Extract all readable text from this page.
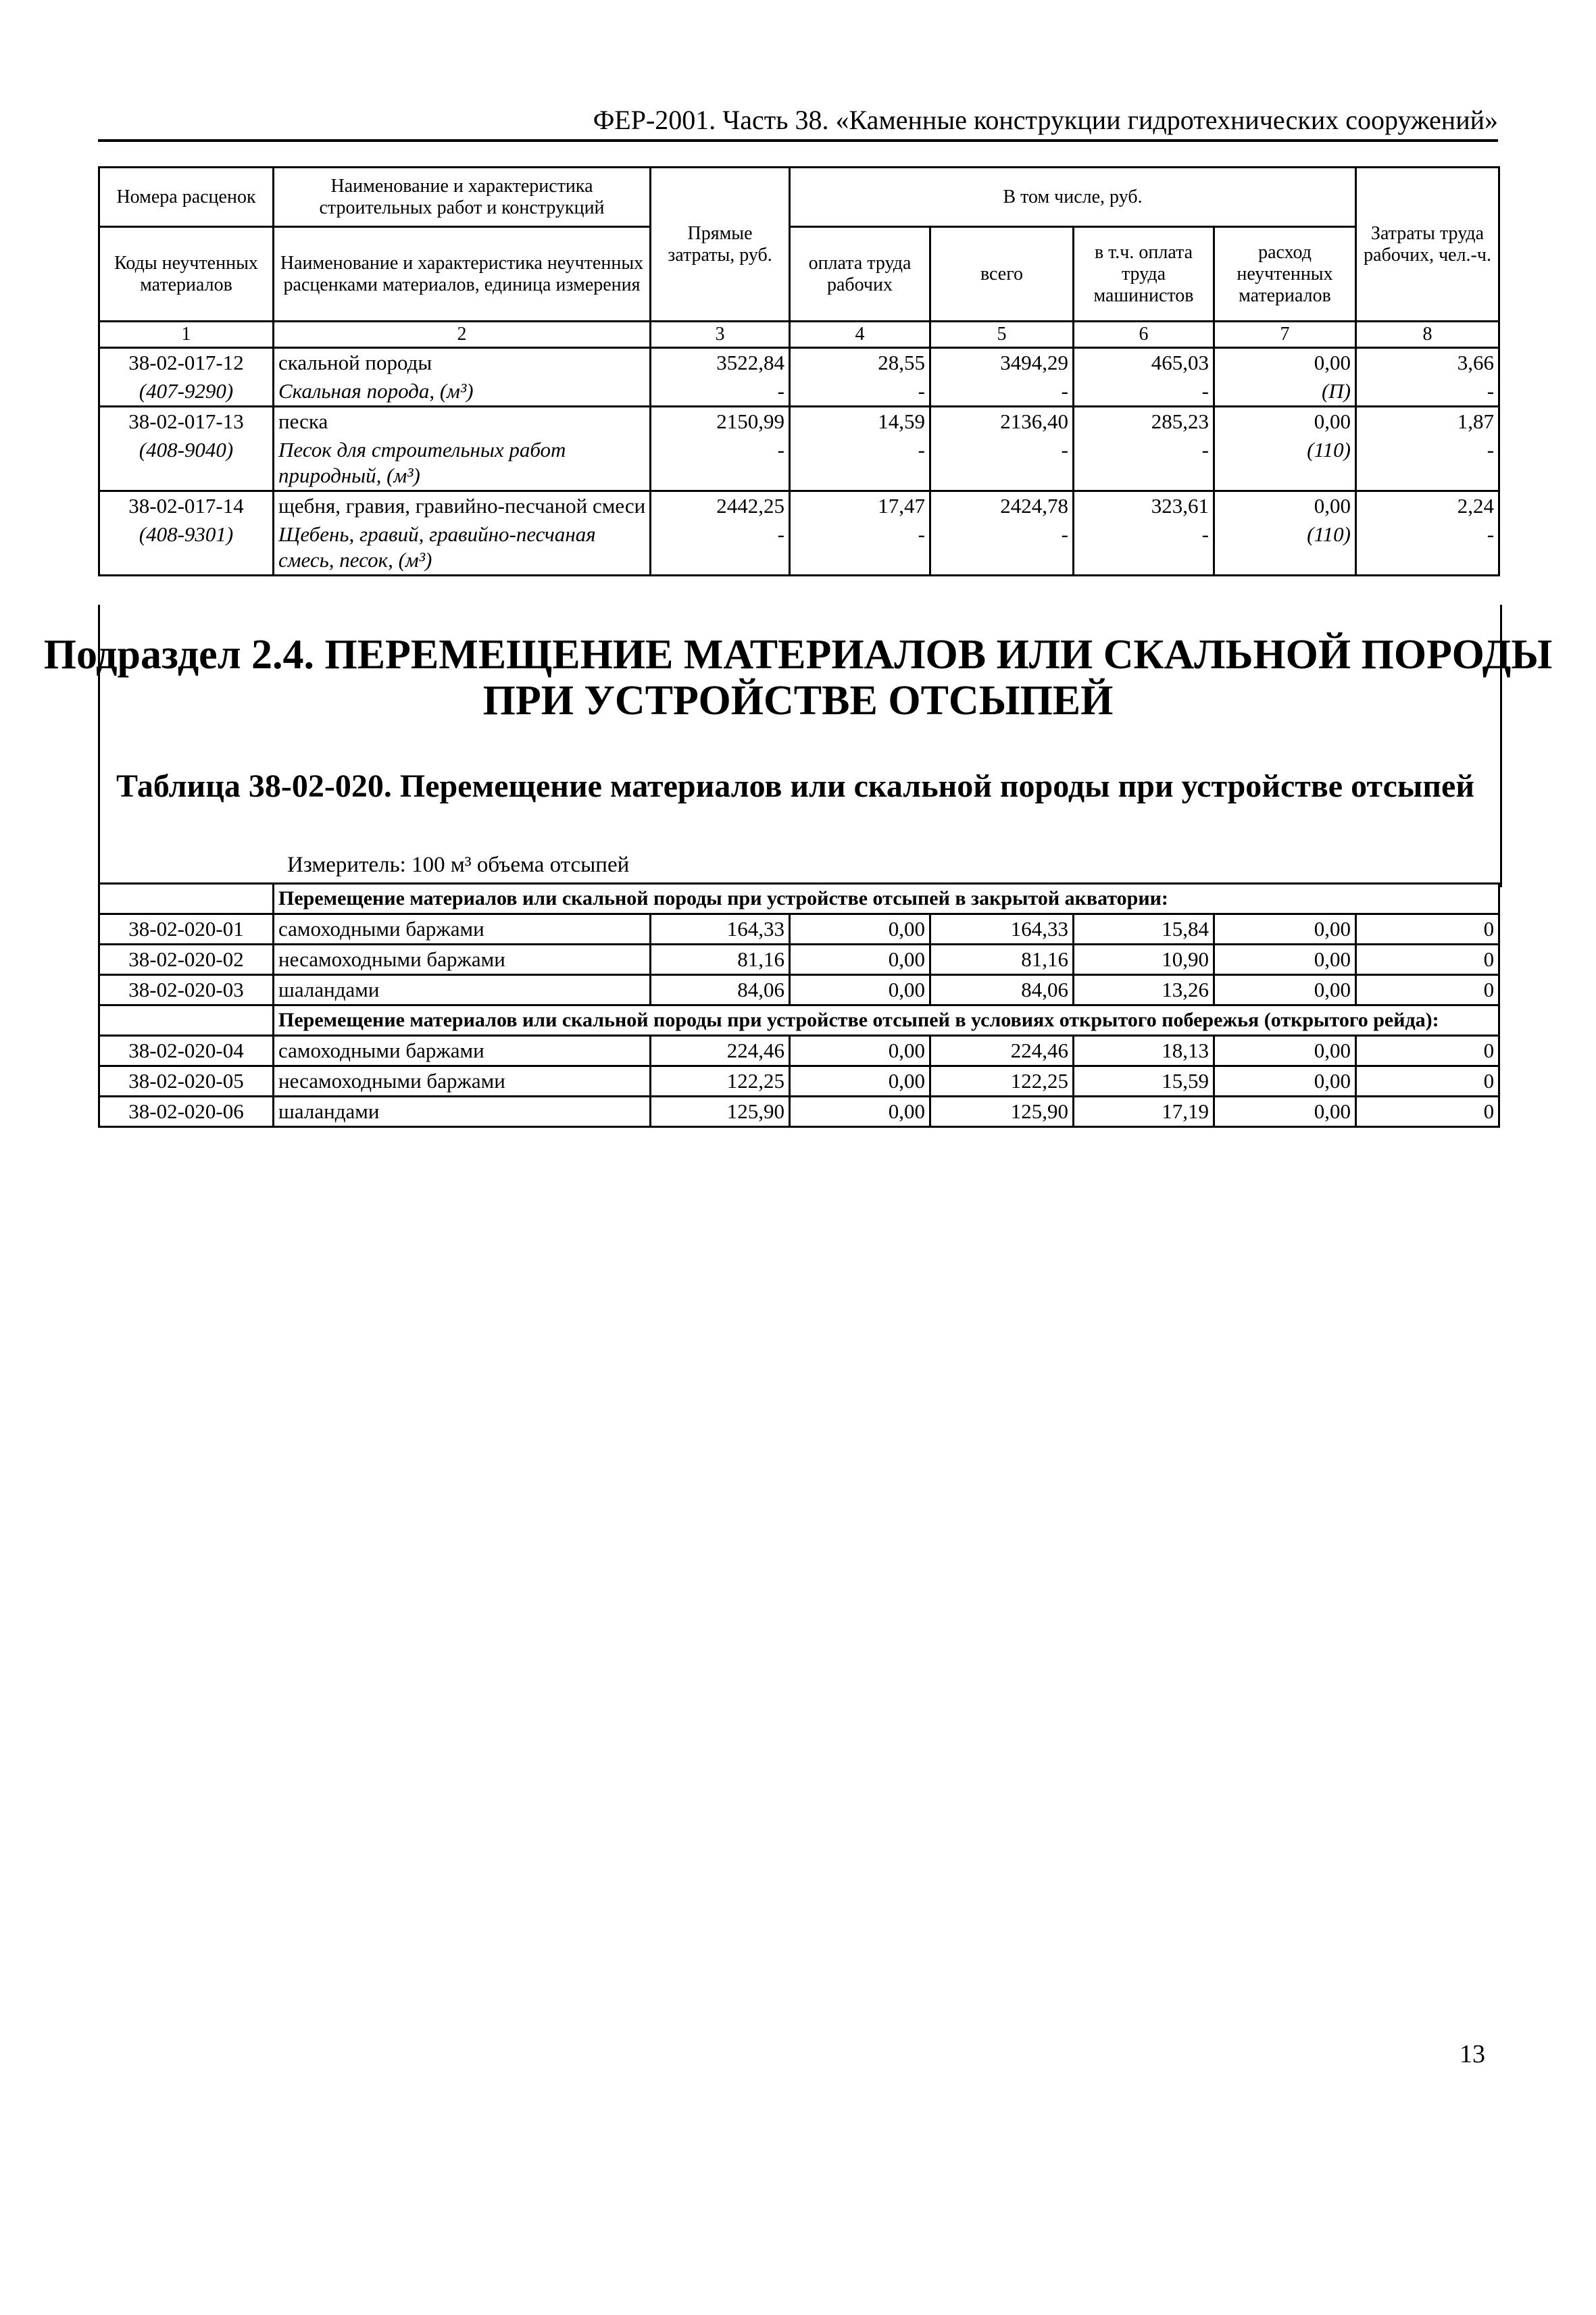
ФЕР-2001. Часть 38. «Каменные конструкции гидротехнических сооружений»
Номера расценок	Наименование и характеристика строительных работ и конструкций	Прямые затраты, руб.	В том числе, руб.				Затраты труда рабочих, чел.-ч.
Коды неучтенных материалов	Наименование и характеристика неучтенных расценками материалов, единица измерения		оплата труда рабочих	всего	в т.ч. оплата труда машинистов	расход неучтенных материалов	
1	2	3	4	5	6	7	8
38-02-017-12	скальной породы	3522,84	28,55	3494,29	465,03	0,00	3,66
(407-9290)	Скальная порода, (м³)	-	-	-	-	(П)	-
38-02-017-13	песка	2150,99	14,59	2136,40	285,23	0,00	1,87
(408-9040)	Песок для строительных работ природный, (м³)	-	-	-	-	(110)	-
38-02-017-14	щебня, гравия, гравийно-песчаной смеси	2442,25	17,47	2424,78	323,61	0,00	2,24
(408-9301)	Щебень, гравий, гравийно-песчаная смесь, песок, (м³)	-	-	-	-	(110)	-
Подраздел 2.4. ПЕРЕМЕЩЕНИЕ МАТЕРИАЛОВ ИЛИ СКАЛЬНОЙ ПОРОДЫ ПРИ УСТРОЙСТВЕ ОТСЫПЕЙ
Таблица 38-02-020. Перемещение материалов или скальной породы при устройстве отсыпей
Измеритель: 100 м³ объема отсыпей
	Перемещение материалов или скальной породы при устройстве отсыпей в закрытой акватории:						
38-02-020-01	самоходными баржами	164,33	0,00	164,33	15,84	0,00	0
38-02-020-02	несамоходными баржами	81,16	0,00	81,16	10,90	0,00	0
38-02-020-03	шаландами	84,06	0,00	84,06	13,26	0,00	0
	Перемещение материалов или скальной породы при устройстве отсыпей в условиях открытого побережья (открытого рейда):						
38-02-020-04	самоходными баржами	224,46	0,00	224,46	18,13	0,00	0
38-02-020-05	несамоходными баржами	122,25	0,00	122,25	15,59	0,00	0
38-02-020-06	шаландами	125,90	0,00	125,90	17,19	0,00	0
13
